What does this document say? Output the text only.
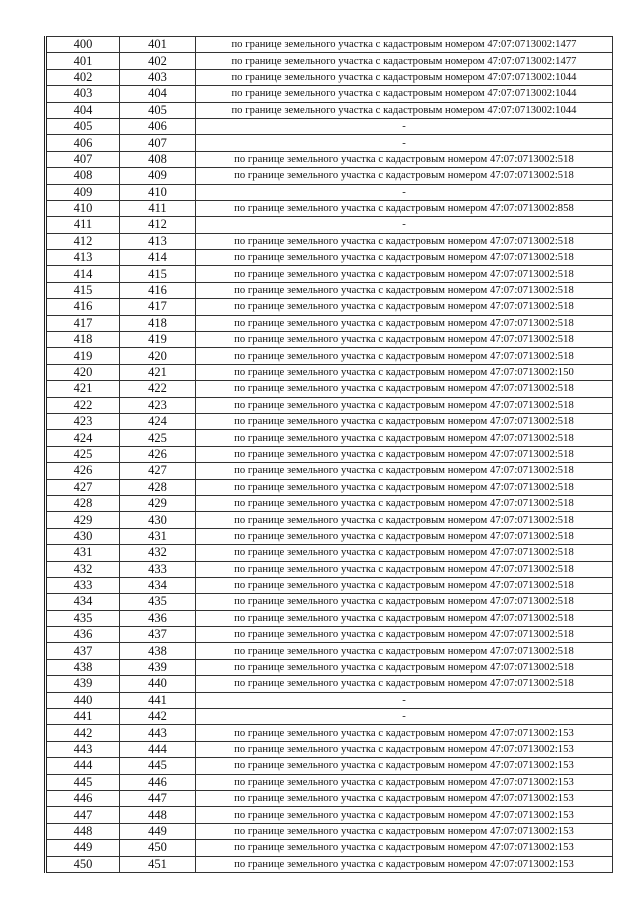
400	401	по границе земельного участка с кадастровым номером 47:07:0713002:1477
401	402	по границе земельного участка с кадастровым номером 47:07:0713002:1477
402	403	по границе земельного участка с кадастровым номером 47:07:0713002:1044
403	404	по границе земельного участка с кадастровым номером 47:07:0713002:1044
404	405	по границе земельного участка с кадастровым номером 47:07:0713002:1044
405	406	-
406	407	-
407	408	по границе земельного участка с кадастровым номером 47:07:0713002:518
408	409	по границе земельного участка с кадастровым номером 47:07:0713002:518
409	410	-
410	411	по границе земельного участка с кадастровым номером 47:07:0713002:858
411	412	-
412	413	по границе земельного участка с кадастровым номером 47:07:0713002:518
413	414	по границе земельного участка с кадастровым номером 47:07:0713002:518
414	415	по границе земельного участка с кадастровым номером 47:07:0713002:518
415	416	по границе земельного участка с кадастровым номером 47:07:0713002:518
416	417	по границе земельного участка с кадастровым номером 47:07:0713002:518
417	418	по границе земельного участка с кадастровым номером 47:07:0713002:518
418	419	по границе земельного участка с кадастровым номером 47:07:0713002:518
419	420	по границе земельного участка с кадастровым номером 47:07:0713002:518
420	421	по границе земельного участка с кадастровым номером 47:07:0713002:150
421	422	по границе земельного участка с кадастровым номером 47:07:0713002:518
422	423	по границе земельного участка с кадастровым номером 47:07:0713002:518
423	424	по границе земельного участка с кадастровым номером 47:07:0713002:518
424	425	по границе земельного участка с кадастровым номером 47:07:0713002:518
425	426	по границе земельного участка с кадастровым номером 47:07:0713002:518
426	427	по границе земельного участка с кадастровым номером 47:07:0713002:518
427	428	по границе земельного участка с кадастровым номером 47:07:0713002:518
428	429	по границе земельного участка с кадастровым номером 47:07:0713002:518
429	430	по границе земельного участка с кадастровым номером 47:07:0713002:518
430	431	по границе земельного участка с кадастровым номером 47:07:0713002:518
431	432	по границе земельного участка с кадастровым номером 47:07:0713002:518
432	433	по границе земельного участка с кадастровым номером 47:07:0713002:518
433	434	по границе земельного участка с кадастровым номером 47:07:0713002:518
434	435	по границе земельного участка с кадастровым номером 47:07:0713002:518
435	436	по границе земельного участка с кадастровым номером 47:07:0713002:518
436	437	по границе земельного участка с кадастровым номером 47:07:0713002:518
437	438	по границе земельного участка с кадастровым номером 47:07:0713002:518
438	439	по границе земельного участка с кадастровым номером 47:07:0713002:518
439	440	по границе земельного участка с кадастровым номером 47:07:0713002:518
440	441	-
441	442	-
442	443	по границе земельного участка с кадастровым номером 47:07:0713002:153
443	444	по границе земельного участка с кадастровым номером 47:07:0713002:153
444	445	по границе земельного участка с кадастровым номером 47:07:0713002:153
445	446	по границе земельного участка с кадастровым номером 47:07:0713002:153
446	447	по границе земельного участка с кадастровым номером 47:07:0713002:153
447	448	по границе земельного участка с кадастровым номером 47:07:0713002:153
448	449	по границе земельного участка с кадастровым номером 47:07:0713002:153
449	450	по границе земельного участка с кадастровым номером 47:07:0713002:153
450	451	по границе земельного участка с кадастровым номером 47:07:0713002:153
